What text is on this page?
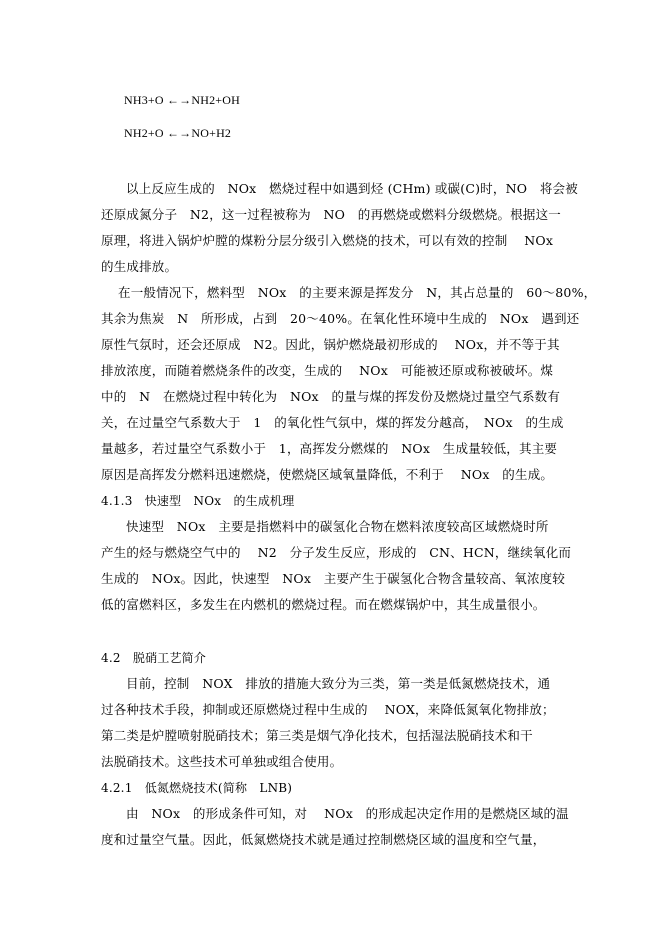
NH3+O ←→NH2+OH
NH2+O ←→NO+H2
以上反应生成的　NOx　燃烧过程中如遇到烃 (CHm) 或碳(C)时，NO　将会被
还原成氮分子　N2，这一过程被称为　NO　的再燃烧或燃料分级燃烧。根据这一
原理，将进入锅炉炉膛的煤粉分层分级引入燃烧的技术，可以有效的控制　 NOx
的生成排放。
在一般情况下，燃料型　NOx　的主要来源是挥发分　N，其占总量的　60～80%，
其余为焦炭　N　所形成，占到　20～40%。在氧化性环境中生成的　NOx　遇到还
原性气氛时，还会还原成　N2。因此，锅炉燃烧最初形成的　 NOx，并不等于其
排放浓度，而随着燃烧条件的改变，生成的　 NOx　可能被还原或称被破坏。煤
中的　N　在燃烧过程中转化为　NOx　的量与煤的挥发份及燃烧过量空气系数有
关，在过量空气系数大于　1　的氧化性气氛中，煤的挥发分越高，　NOx　的生成
量越多，若过量空气系数小于　1，高挥发分燃煤的　NOx　生成量较低，其主要
原因是高挥发分燃料迅速燃烧，使燃烧区域氧量降低，不利于　 NOx　的生成。
4.1.3　快速型　NOx　的生成机理
快速型　NOx　主要是指燃料中的碳氢化合物在燃料浓度较高区域燃烧时所
产生的烃与燃烧空气中的　 N2　分子发生反应，形成的　CN、HCN，继续氧化而
生成的　NOx。因此，快速型　NOx　主要产生于碳氢化合物含量较高、氧浓度较
低的富燃料区，多发生在内燃机的燃烧过程。而在燃煤锅炉中，其生成量很小。
4.2　脱硝工艺简介
目前，控制　NOX　排放的措施大致分为三类，第一类是低氮燃烧技术，通
过各种技术手段，抑制或还原燃烧过程中生成的　 NOX，来降低氮氧化物排放；
第二类是炉膛喷射脱硝技术；第三类是烟气净化技术，包括湿法脱硝技术和干
法脱硝技术。这些技术可单独或组合使用。
4.2.1　低氮燃烧技术(简称　LNB)
由　NOx　的形成条件可知，对　 NOx　的形成起决定作用的是燃烧区域的温
度和过量空气量。因此，低氮燃烧技术就是通过控制燃烧区域的温度和空气量，
